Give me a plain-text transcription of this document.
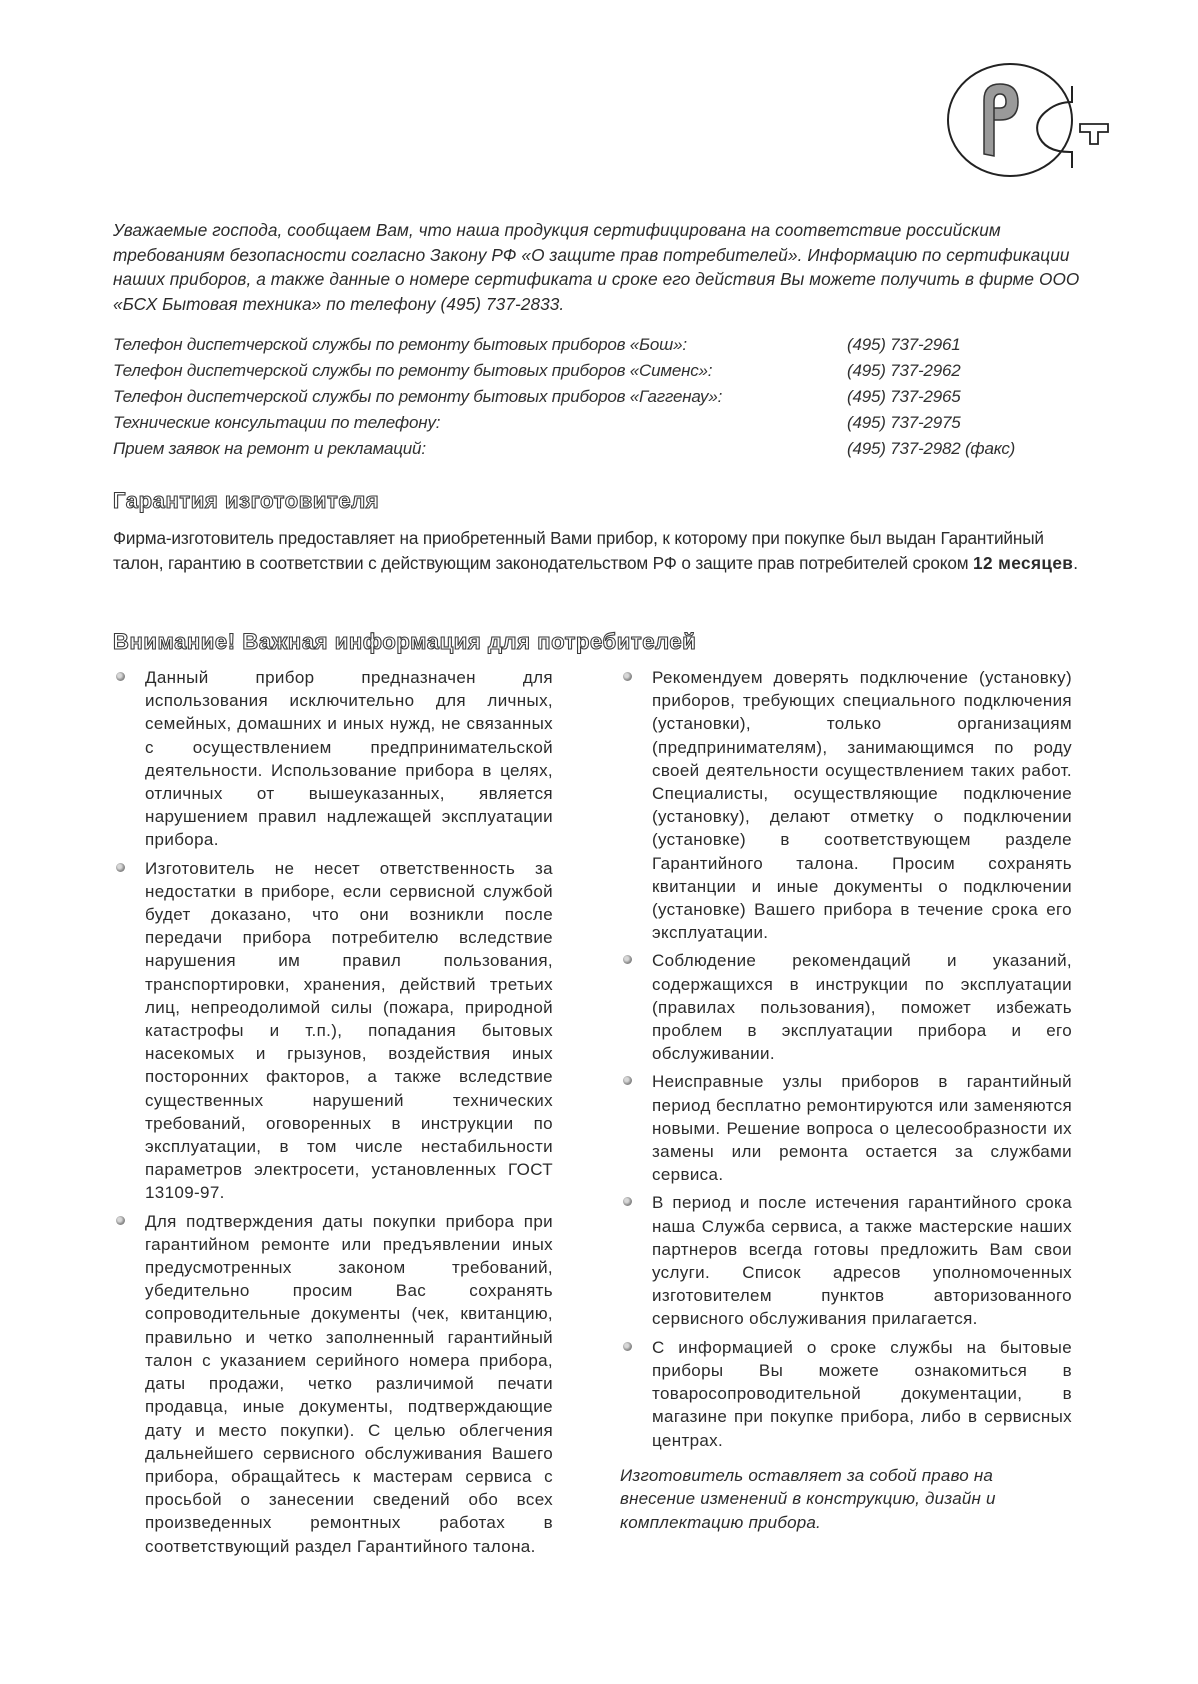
Уважаемые господа, сообщаем Вам, что наша продукция сертифицирована на соответствие российским требованиям безопасности согласно Закону РФ «О защите прав потребителей». Информацию по сертификации наших приборов, а также данные о номере сертификата и сроке его действия Вы можете получить в фирме ООО «БСХ Бытовая техника» по телефону (495) 737-2833.
Телефон диспетчерской службы по ремонту бытовых приборов «Бош»:	(495) 737-2961
Телефон диспетчерской службы по ремонту бытовых приборов «Сименс»:	(495) 737-2962
Телефон диспетчерской службы по ремонту бытовых приборов «Гаггенау»:	(495) 737-2965
Технические консультации по телефону:	(495) 737-2975
Прием заявок на ремонт и рекламаций:	(495) 737-2982 (факс)
Гарантия изготовителя
Фирма-изготовитель предоставляет на приобретенный Вами прибор, к которому при покупке был выдан Гарантийный талон, гарантию в соответствии с действующим законодательством РФ о защите прав потребителей сроком 12 месяцев.
Внимание! Важная информация для потребителей
Данный прибор предназначен для использования исключительно для личных, семейных, домашних и иных нужд, не связанных с осуществлением предпринимательской деятельности. Использование прибора в целях, отличных от вышеуказанных, является нарушением правил надлежащей эксплуатации прибора.
Изготовитель не несет ответственность за недостатки в приборе, если сервисной службой будет доказано, что они возникли после передачи прибора потребителю вследствие нарушения им правил пользования, транспортировки, хранения, действий третьих лиц, непреодолимой силы (пожара, природной катастрофы и т.п.), попадания бытовых насекомых и грызунов, воздействия иных посторонних факторов, а также вследствие существенных нарушений технических требований, оговоренных в инструкции по эксплуатации, в том числе нестабильности параметров электросети, установленных ГОСТ 13109-97.
Для подтверждения даты покупки прибора при гарантийном ремонте или предъявлении иных предусмотренных законом требований, убедительно просим Вас сохранять сопроводительные документы (чек, квитанцию, правильно и четко заполненный гарантийный талон с указанием серийного номера прибора, даты продажи, четко различимой печати продавца, иные документы, подтверждающие дату и место покупки). С целью облегчения дальнейшего сервисного обслуживания Вашего прибора, обращайтесь к мастерам сервиса с просьбой о занесении сведений обо всех произведенных ремонтных работах в соответствующий раздел Гарантийного талона.
Рекомендуем доверять подключение (установку) приборов, требующих специального подключения (установки), только организациям (предпринимателям), занимающимся по роду своей деятельности осуществлением таких работ. Специалисты, осуществляющие подключение (установку), делают отметку о подключении (установке) в соответствующем разделе Гарантийного талона. Просим сохранять квитанции и иные документы о подключении (установке) Вашего прибора в течение срока его эксплуатации.
Соблюдение рекомендаций и указаний, содержащихся в инструкции по эксплуатации (правилах пользования), поможет избежать проблем в эксплуатации прибора и его обслуживании.
Неисправные узлы приборов в гарантийный период бесплатно ремонтируются или заменяются новыми. Решение вопроса о целесообразности их замены или ремонта остается за службами сервиса.
В период и после истечения гарантийного срока наша Служба сервиса, а также мастерские наших партнеров всегда готовы предложить Вам свои услуги. Список адресов уполномоченных изготовителем пунктов авторизованного сервисного обслуживания прилагается.
С информацией о сроке службы на бытовые приборы Вы можете ознакомиться в товаросопроводительной документации, в магазине при покупке прибора, либо в сервисных центрах.
Изготовитель оставляет за собой право на внесение изменений в конструкцию, дизайн и комплектацию прибора.
